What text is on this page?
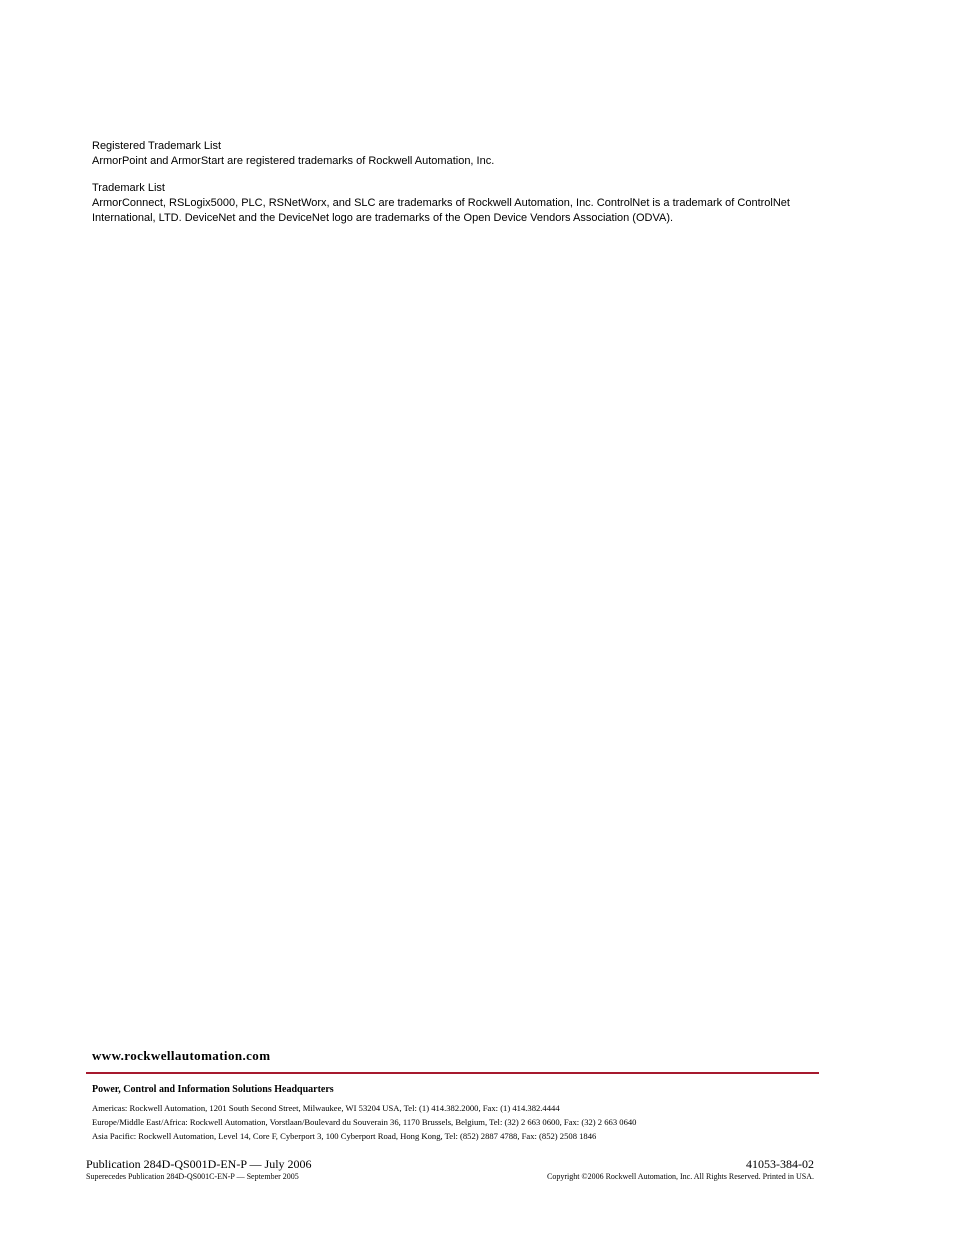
Registered Trademark List

ArmorPoint and ArmorStart are registered trademarks of Rockwell Automation, Inc.

Trademark List

ArmorConnect, RSLogix5000, PLC, RSNetWorx, and SLC are trademarks of Rockwell Automation, Inc. ControlNet is a trademark of ControlNet

International, LTD. DeviceNet and the DeviceNet logo are trademarks of the Open Device Vendors Association (ODVA).

www.rockwellautomation.com
Power, Control and Information Solutions Headquarters
Americas: Rockwell Automation, 1201 South Second Street, Milwaukee, WI 53204 USA, Tel: (1) 414.382.2000, Fax: (1) 414.382.4444
Europe/Middle East/Africa: Rockwell Automation, Vorstlaan/Boulevard du Souverain 36, 1170 Brussels, Belgium, Tel: (32) 2 663 0600, Fax: (32) 2 663 0640
Asia Pacific: Rockwell Automation, Level 14, Core F, Cyberport 3, 100 Cyberport Road, Hong Kong, Tel: (852) 2887 4788, Fax: (852) 2508 1846
Publication 284D-QS001D-EN-P — July 2006	41053-384-02
Superecedes Publication 284D-QS001C-EN-P — September 2005	Copyright ©2006 Rockwell Automation, Inc. All Rights Reserved. Printed in USA.
